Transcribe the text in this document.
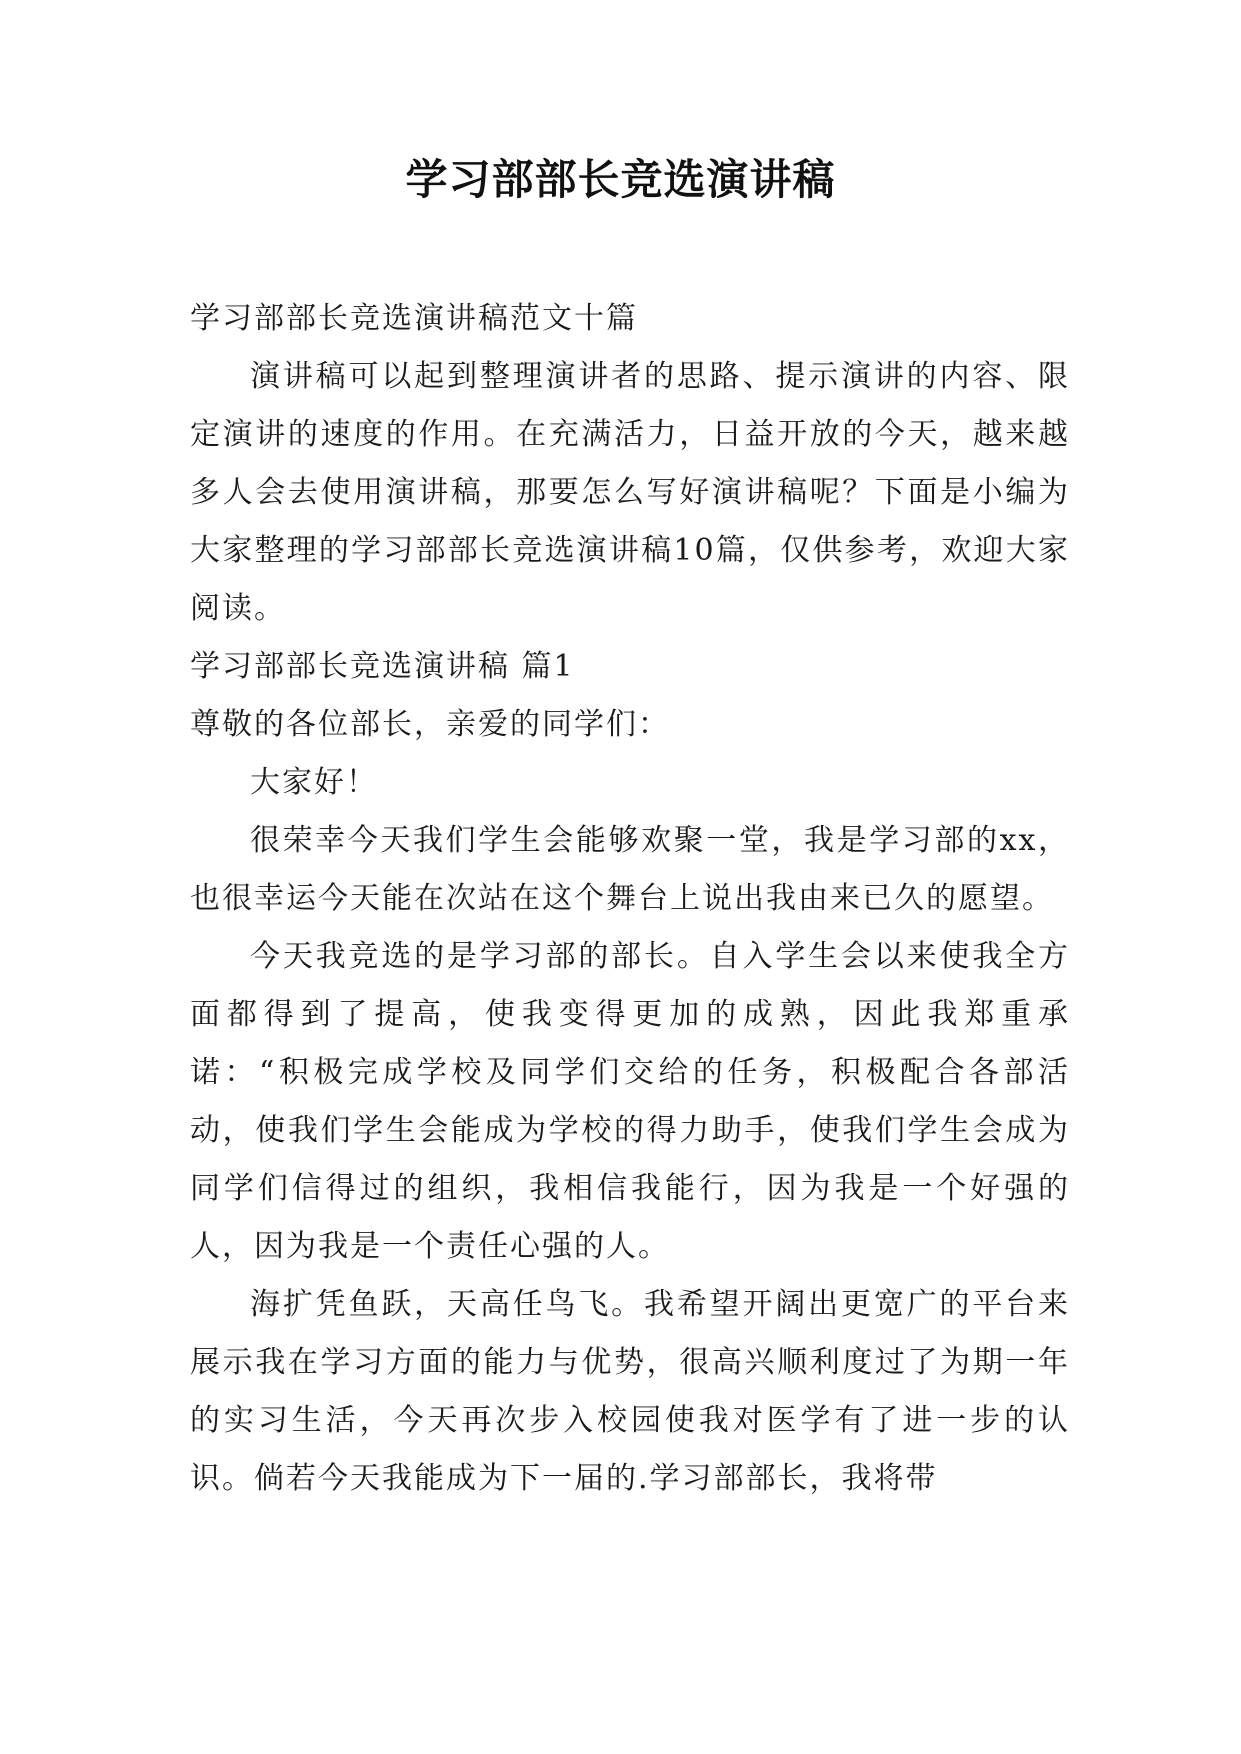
学习部部长竞选演讲稿

学习部部长竞选演讲稿范文十篇

演讲稿可以起到整理演讲者的思路、提示演讲的内容、限定演讲的速度的作用。在充满活力，日益开放的今天，越来越多人会去使用演讲稿，那要怎么写好演讲稿呢？下面是小编为大家整理的学习部部长竞选演讲稿10篇，仅供参考，欢迎大家阅读。

学习部部长竞选演讲稿 篇1

尊敬的各位部长，亲爱的同学们：

大家好！

很荣幸今天我们学生会能够欢聚一堂，我是学习部的xx，也很幸运今天能在次站在这个舞台上说出我由来已久的愿望。

今天我竞选的是学习部的部长。自入学生会以来使我全方面都得到了提高，使我变得更加的成熟，因此我郑重承诺：“积极完成学校及同学们交给的任务，积极配合各部活动，使我们学生会能成为学校的得力助手，使我们学生会成为同学们信得过的组织，我相信我能行，因为我是一个好强的人，因为我是一个责任心强的人。

海扩凭鱼跃，天高任鸟飞。我希望开阔出更宽广的平台来展示我在学习方面的能力与优势，很高兴顺利度过了为期一年的实习生活，今天再次步入校园使我对医学有了进一步的认识。倘若今天我能成为下一届的.学习部部长，我将带
